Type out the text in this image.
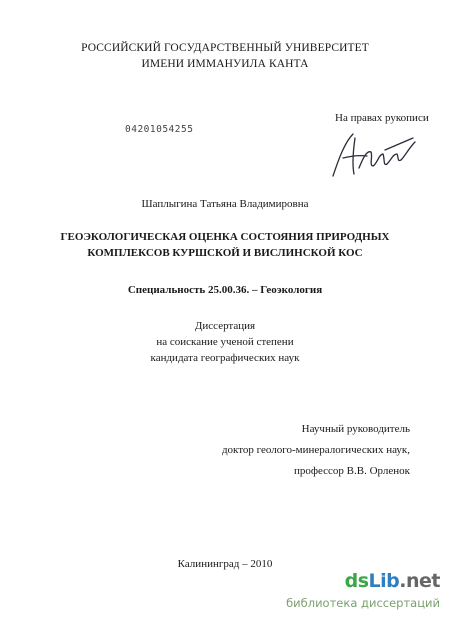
РОССИЙСКИЙ ГОСУДАРСТВЕННЫЙ УНИВЕРСИТЕТ
ИМЕНИ ИММАНУИЛА КАНТА
На правах рукописи
04201054255
Шаплыгина Татьяна Владимировна
ГЕОЭКОЛОГИЧЕСКАЯ ОЦЕНКА СОСТОЯНИЯ ПРИРОДНЫХ
КОМПЛЕКСОВ КУРШСКОЙ И ВИСЛИНСКОЙ КОС
Специальность 25.00.36. – Геоэкология
Диссертация
на соискание ученой степени
кандидата географических наук
Научный руководитель
доктор геолого-минералогических наук,
профессор В.В. Орленок
Калининград – 2010
dsLib.net
библиотека диссертаций
